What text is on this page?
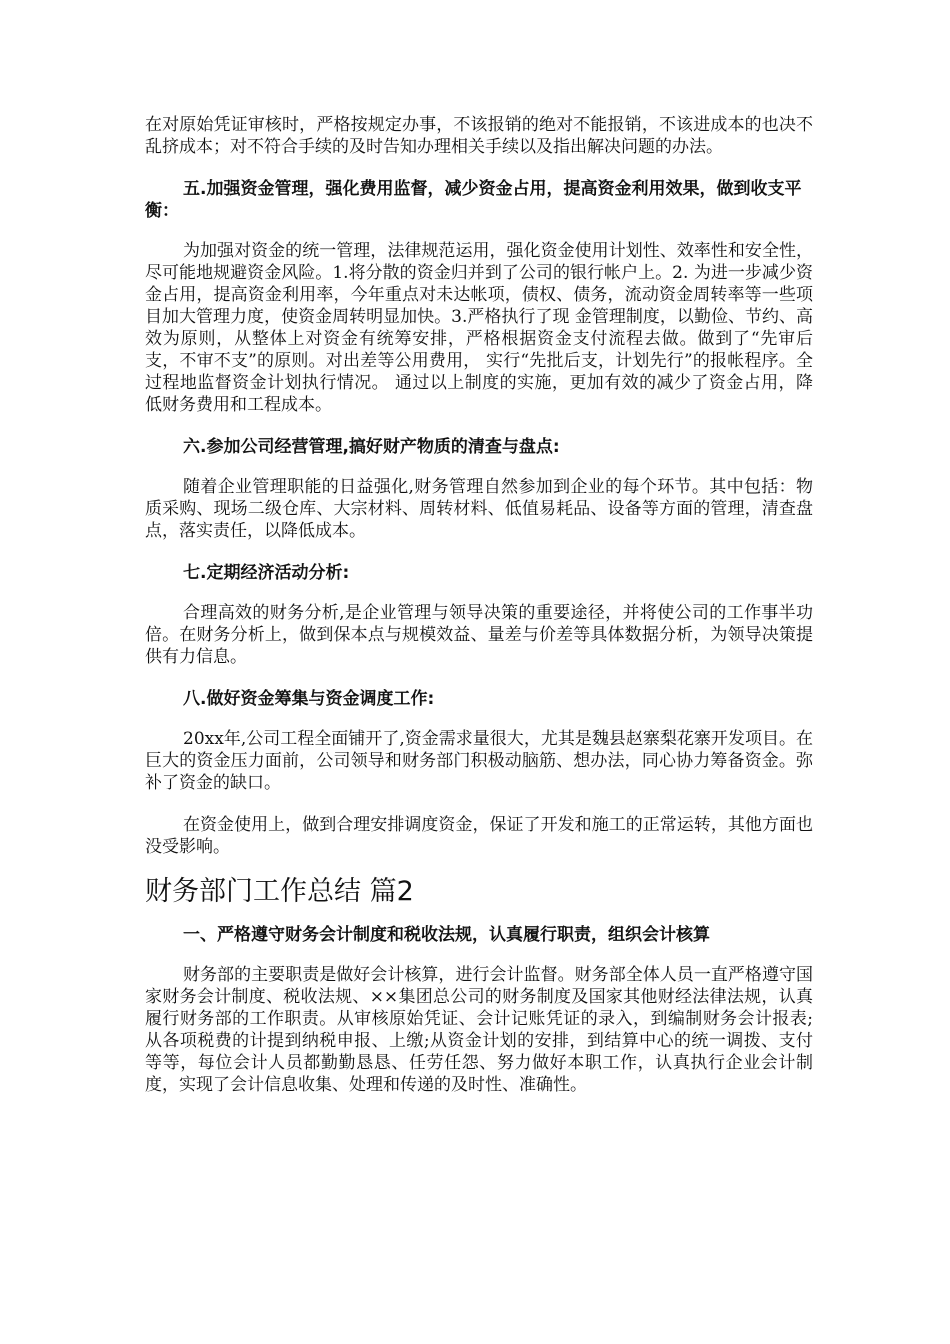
在对原始凭证审核时，严格按规定办事，不该报销的绝对不能报销，不该进成本的也决不乱挤成本；对不符合手续的及时告知办理相关手续以及指出解决问题的办法。

五.加强资金管理，强化费用监督，减少资金占用，提高资金利用效果，做到收支平衡：

为加强对资金的统一管理，法律规范运用，强化资金使用计划性、效率性和安全性，尽可能地规避资金风险。1.将分散的资金归并到了公司的银行帐户上。2. 为进一步减少资金占用，提高资金利用率，今年重点对未达帐项，债权、债务，流动资金周转率等一些项目加大管理力度，使资金周转明显加快。3.严格执行了现 金管理制度，以勤俭、节约、高效为原则，从整体上对资金有统筹安排，严格根据资金支付流程去做。做到了“先审后支，不审不支”的原则。对出差等公用费用， 实行“先批后支，计划先行”的报帐程序。全过程地监督资金计划执行情况。 通过以上制度的实施，更加有效的减少了资金占用，降低财务费用和工程成本。

六.参加公司经营管理,搞好财产物质的清查与盘点:

随着企业管理职能的日益强化,财务管理自然参加到企业的每个环节。其中包括：物质采购、现场二级仓库、大宗材料、周转材料、低值易耗品、设备等方面的管理，清查盘点，落实责任，以降低成本。

七.定期经济活动分析:

合理高效的财务分析,是企业管理与领导决策的重要途径，并将使公司的工作事半功倍。在财务分析上，做到保本点与规模效益、量差与价差等具体数据分析，为领导决策提供有力信息。

八.做好资金筹集与资金调度工作:

20xx年,公司工程全面铺开了,资金需求量很大，尤其是魏县赵寨梨花寨开发项目。在巨大的资金压力面前，公司领导和财务部门积极动脑筋、想办法，同心协力筹备资金。弥补了资金的缺口。

在资金使用上，做到合理安排调度资金，保证了开发和施工的正常运转，其他方面也没受影响。

财务部门工作总结 篇2
一、严格遵守财务会计制度和税收法规，认真履行职责，组织会计核算

财务部的主要职责是做好会计核算，进行会计监督。财务部全体人员一直严格遵守国家财务会计制度、税收法规、××集团总公司的财务制度及国家其他财经法律法规，认真履行财务部的工作职责。从审核原始凭证、会计记账凭证的录入，到编制财务会计报表;从各项税费的计提到纳税申报、上缴;从资金计划的安排，到结算中心的统一调拨、支付等等，每位会计人员都勤勤恳恳、任劳任怨、努力做好本职工作，认真执行企业会计制度，实现了会计信息收集、处理和传递的及时性、准确性。
